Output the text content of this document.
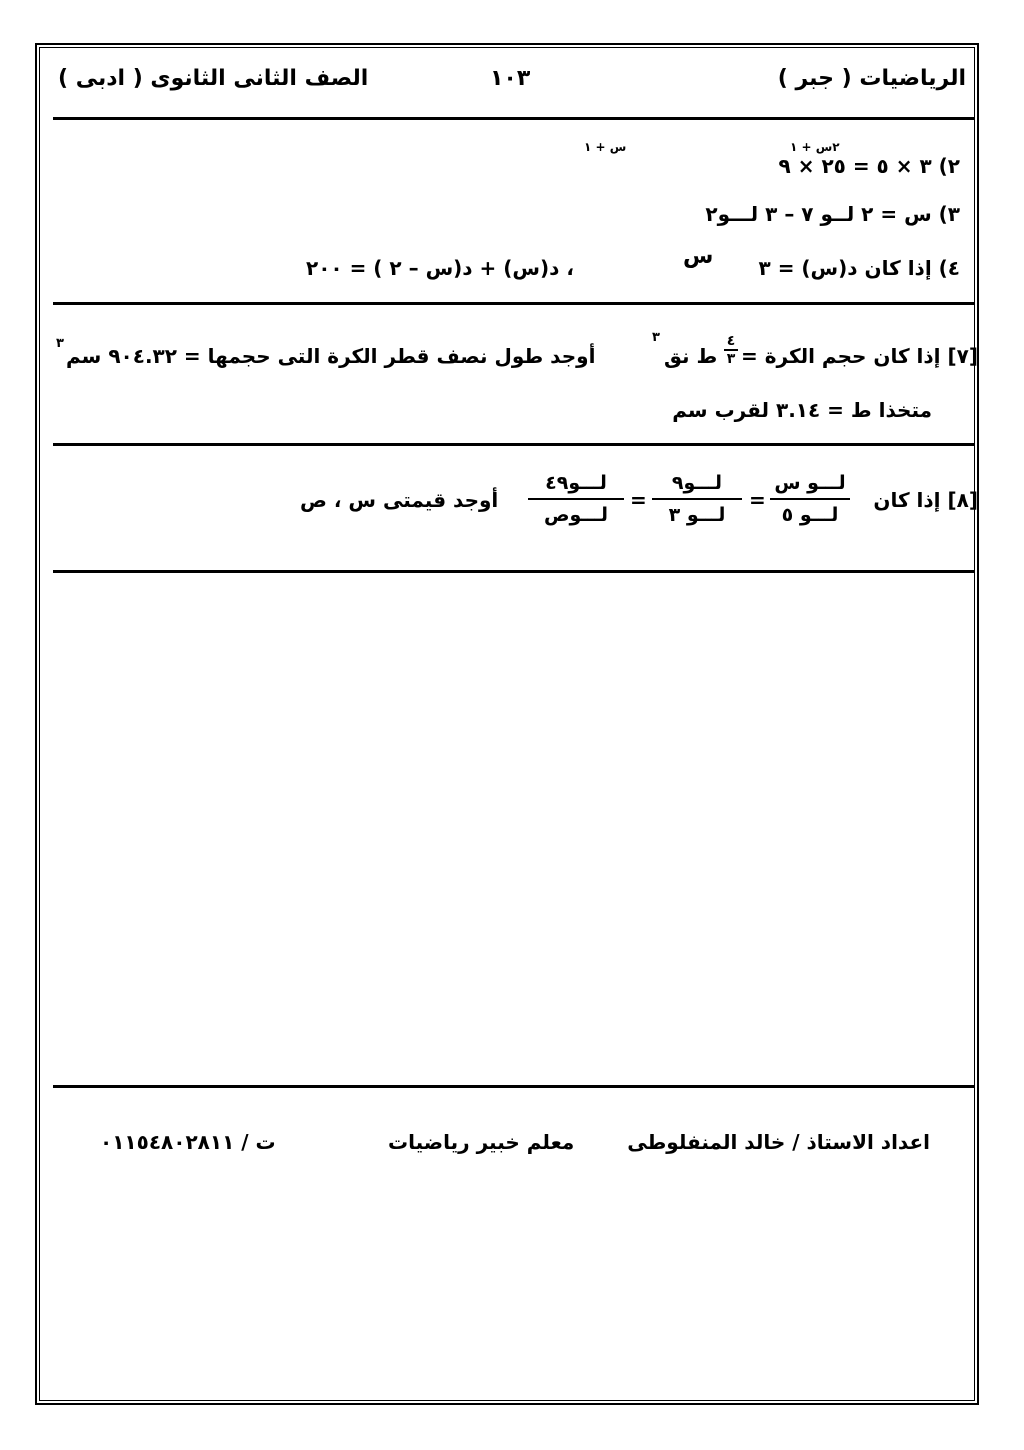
الرياضيات ( جبر )
١٠٣
الصف الثانى الثانوى ( ادبى )
س + ١	٢س + ١
٢) ٣ × ٥ = ٢٥ × ٩
٣) س = ٢ لــو ٧ – ٣ لـــو٢
٤) إذا كان د(س) = ٣
س
، د(س) + د(س – ٢ ) = ٢٠٠
[٧] إذا كان حجم الكرة =
٤
٣
ط نق
٣
أوجد طول نصف قطر الكرة التى حجمها = ٩٠٤.٣٢ سم
٣
متخذا ط = ٣.١٤ لقرب سم
[٨] إذا كان
لـــو س
لـــو ٥
=
لـــو٩
لـــو ٣
=
لـــو٤٩
لـــوص
أوجد قيمتى س ، ص
اعداد الاستاذ / خالد المنفلوطى
معلم خبير رياضيات
ت / ٠١١٥٤٨٠٢٨١١
